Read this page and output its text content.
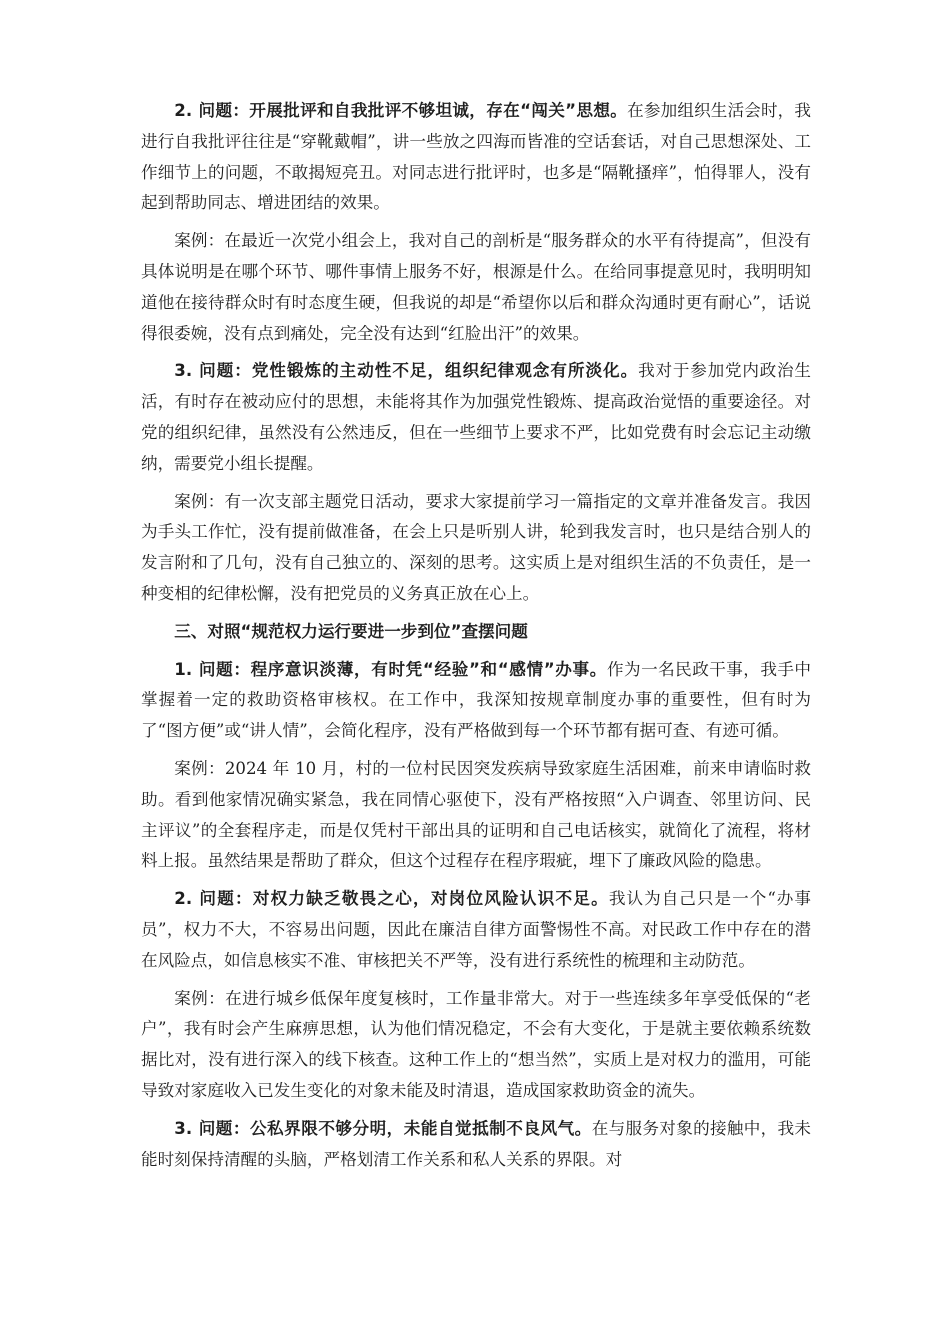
2. 问题：开展批评和自我批评不够坦诚，存在“闯关”思想。在参加组织生活会时，我进行自我批评往往是“穿靴戴帽”，讲一些放之四海而皆准的空话套话，对自己思想深处、工作细节上的问题，不敢揭短亮丑。对同志进行批评时，也多是“隔靴搔痒”，怕得罪人，没有起到帮助同志、增进团结的效果。

案例：在最近一次党小组会上，我对自己的剖析是“服务群众的水平有待提高”，但没有具体说明是在哪个环节、哪件事情上服务不好，根源是什么。在给同事提意见时，我明明知道他在接待群众时有时态度生硬，但我说的却是“希望你以后和群众沟通时更有耐心”，话说得很委婉，没有点到痛处，完全没有达到“红脸出汗”的效果。

3. 问题：党性锻炼的主动性不足，组织纪律观念有所淡化。我对于参加党内政治生活，有时存在被动应付的思想，未能将其作为加强党性锻炼、提高政治觉悟的重要途径。对党的组织纪律，虽然没有公然违反，但在一些细节上要求不严，比如党费有时会忘记主动缴纳，需要党小组长提醒。

案例：有一次支部主题党日活动，要求大家提前学习一篇指定的文章并准备发言。我因为手头工作忙，没有提前做准备，在会上只是听别人讲，轮到我发言时，也只是结合别人的发言附和了几句，没有自己独立的、深刻的思考。这实质上是对组织生活的不负责任，是一种变相的纪律松懈，没有把党员的义务真正放在心上。

三、对照“规范权力运行要进一步到位”查摆问题

1. 问题：程序意识淡薄，有时凭“经验”和“感情”办事。作为一名民政干事，我手中掌握着一定的救助资格审核权。在工作中，我深知按规章制度办事的重要性，但有时为了“图方便”或“讲人情”，会简化程序，没有严格做到每一个环节都有据可查、有迹可循。

案例：2024 年 10 月，村的一位村民因突发疾病导致家庭生活困难，前来申请临时救助。看到他家情况确实紧急，我在同情心驱使下，没有严格按照“入户调查、邻里访问、民主评议”的全套程序走，而是仅凭村干部出具的证明和自己电话核实，就简化了流程，将材料上报。虽然结果是帮助了群众，但这个过程存在程序瑕疵，埋下了廉政风险的隐患。

2. 问题：对权力缺乏敬畏之心，对岗位风险认识不足。我认为自己只是一个“办事员”，权力不大，不容易出问题，因此在廉洁自律方面警惕性不高。对民政工作中存在的潜在风险点，如信息核实不准、审核把关不严等，没有进行系统性的梳理和主动防范。

案例：在进行城乡低保年度复核时，工作量非常大。对于一些连续多年享受低保的“老户”，我有时会产生麻痹思想，认为他们情况稳定，不会有大变化，于是就主要依赖系统数据比对，没有进行深入的线下核查。这种工作上的“想当然”，实质上是对权力的滥用，可能导致对家庭收入已发生变化的对象未能及时清退，造成国家救助资金的流失。

3. 问题：公私界限不够分明，未能自觉抵制不良风气。在与服务对象的接触中，我未能时刻保持清醒的头脑，严格划清工作关系和私人关系的界限。对
